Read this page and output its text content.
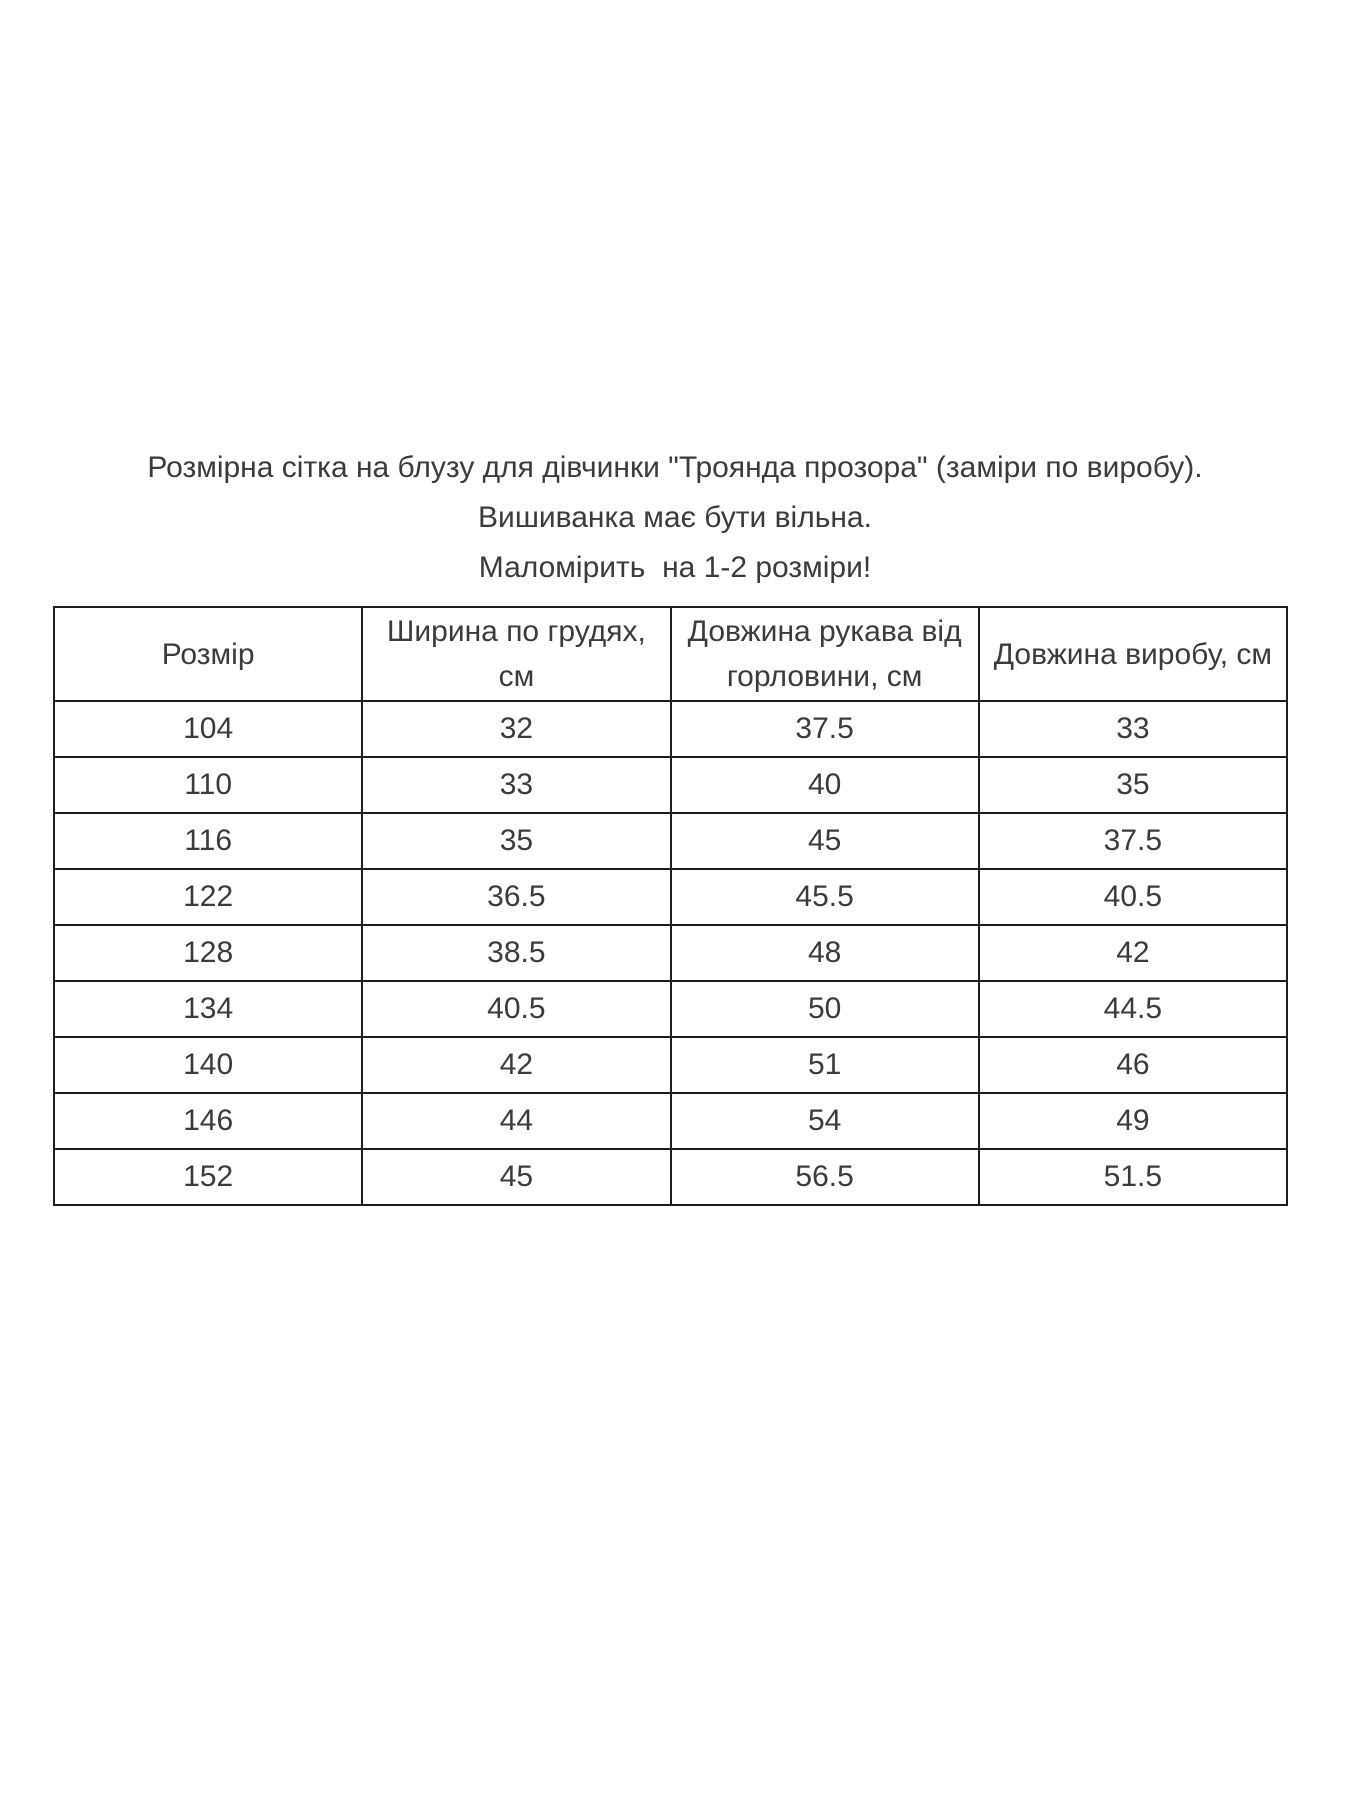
Розмірна сітка на блузу для дівчинки "Троянда прозора" (заміри по виробу).

Вишиванка має бути вільна.

Маломірить  на 1-2 розміри!

Розмір	Ширина по грудях, см	Довжина рукава від горловини, см	Довжина виробу, см
104	32	37.5	33
110	33	40	35
116	35	45	37.5
122	36.5	45.5	40.5
128	38.5	48	42
134	40.5	50	44.5
140	42	51	46
146	44	54	49
152	45	56.5	51.5
